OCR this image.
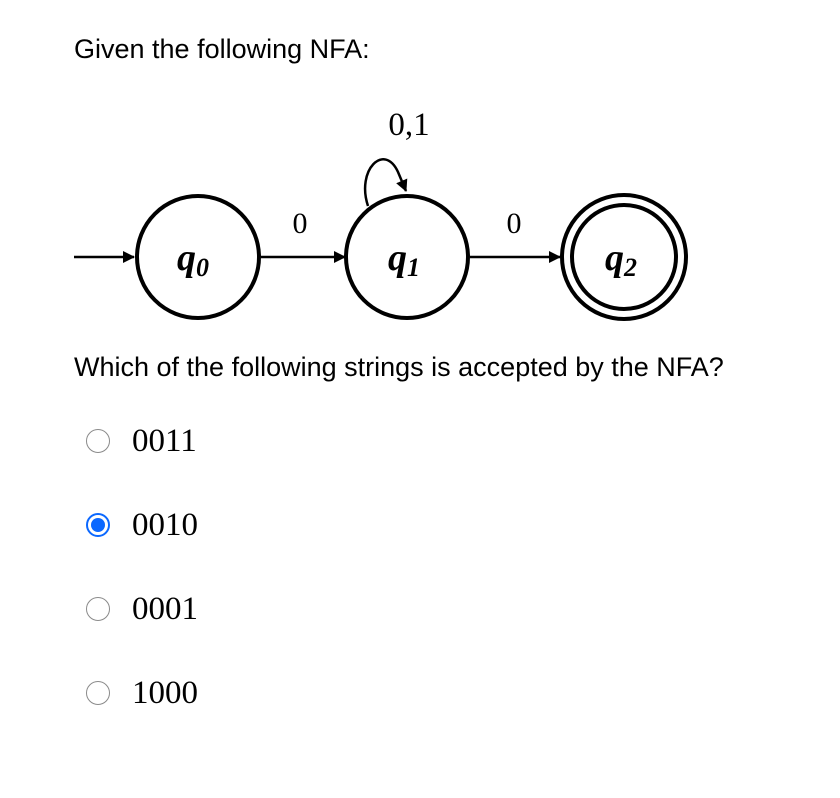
Given the following NFA:
0	0
0,1
q0	q1	q2
Which of the following strings is accepted by the NFA?
0011
0010
0001
1000
